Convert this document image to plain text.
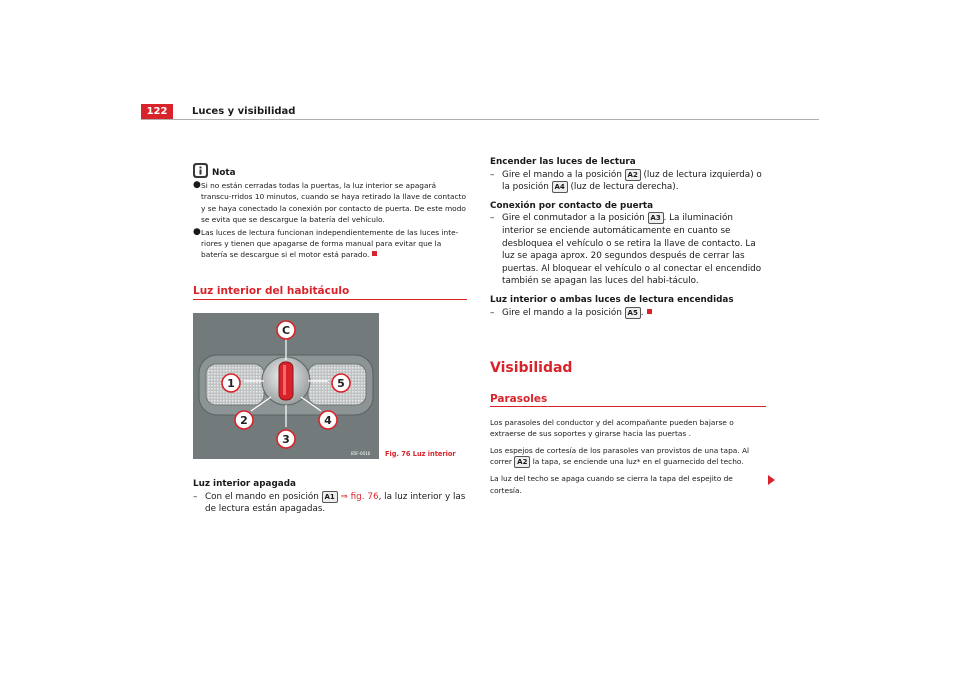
122	Luces y visibilidad
Nota
● Si no están cerradas todas la puertas, la luz interior se apagará transcu-rridos 10 minutos, cuando se haya retirado la llave de contacto y se haya conectado la conexión por contacto de puerta. De este modo se evita que se descargue la batería del vehículo.
● Las luces de lectura funcionan independientemente de las luces inte-riores y tienen que apagarse de forma manual para evitar que la batería se descargue si el motor está parado.
Luz interior del habitáculo
C
1	5
2	4
3
B5F-0016 Fig. 76 Luz interior
Luz interior apagada
– Con el mando en posición A1 ⇒ fig. 76, la luz interior y las de lectura están apagadas.
Encender las luces de lectura
– Gire el mando a la posición A2 (luz de lectura izquierda) o la posición A4 (luz de lectura derecha).
Conexión por contacto de puerta
– Gire el conmutador a la posición A3 . La iluminación interior se enciende automáticamente en cuanto se desbloquea el vehículo o se retira la llave de contacto. La luz se apaga aprox. 20 segundos después de cerrar las puertas. Al bloquear el vehículo o al conectar el encendido también se apagan las luces del habi-táculo.
Luz interior o ambas luces de lectura encendidas
– Gire el mando a la posición A5 .
Visibilidad
Parasoles
Los parasoles del conductor y del acompañante pueden bajarse o extraerse de sus soportes y girarse hacia las puertas .
Los espejos de cortesía de los parasoles van provistos de una tapa. Al correr A2 la tapa, se enciende una luz* en el guarnecido del techo.
La luz del techo se apaga cuando se cierra la tapa del espejito de cortesía.
